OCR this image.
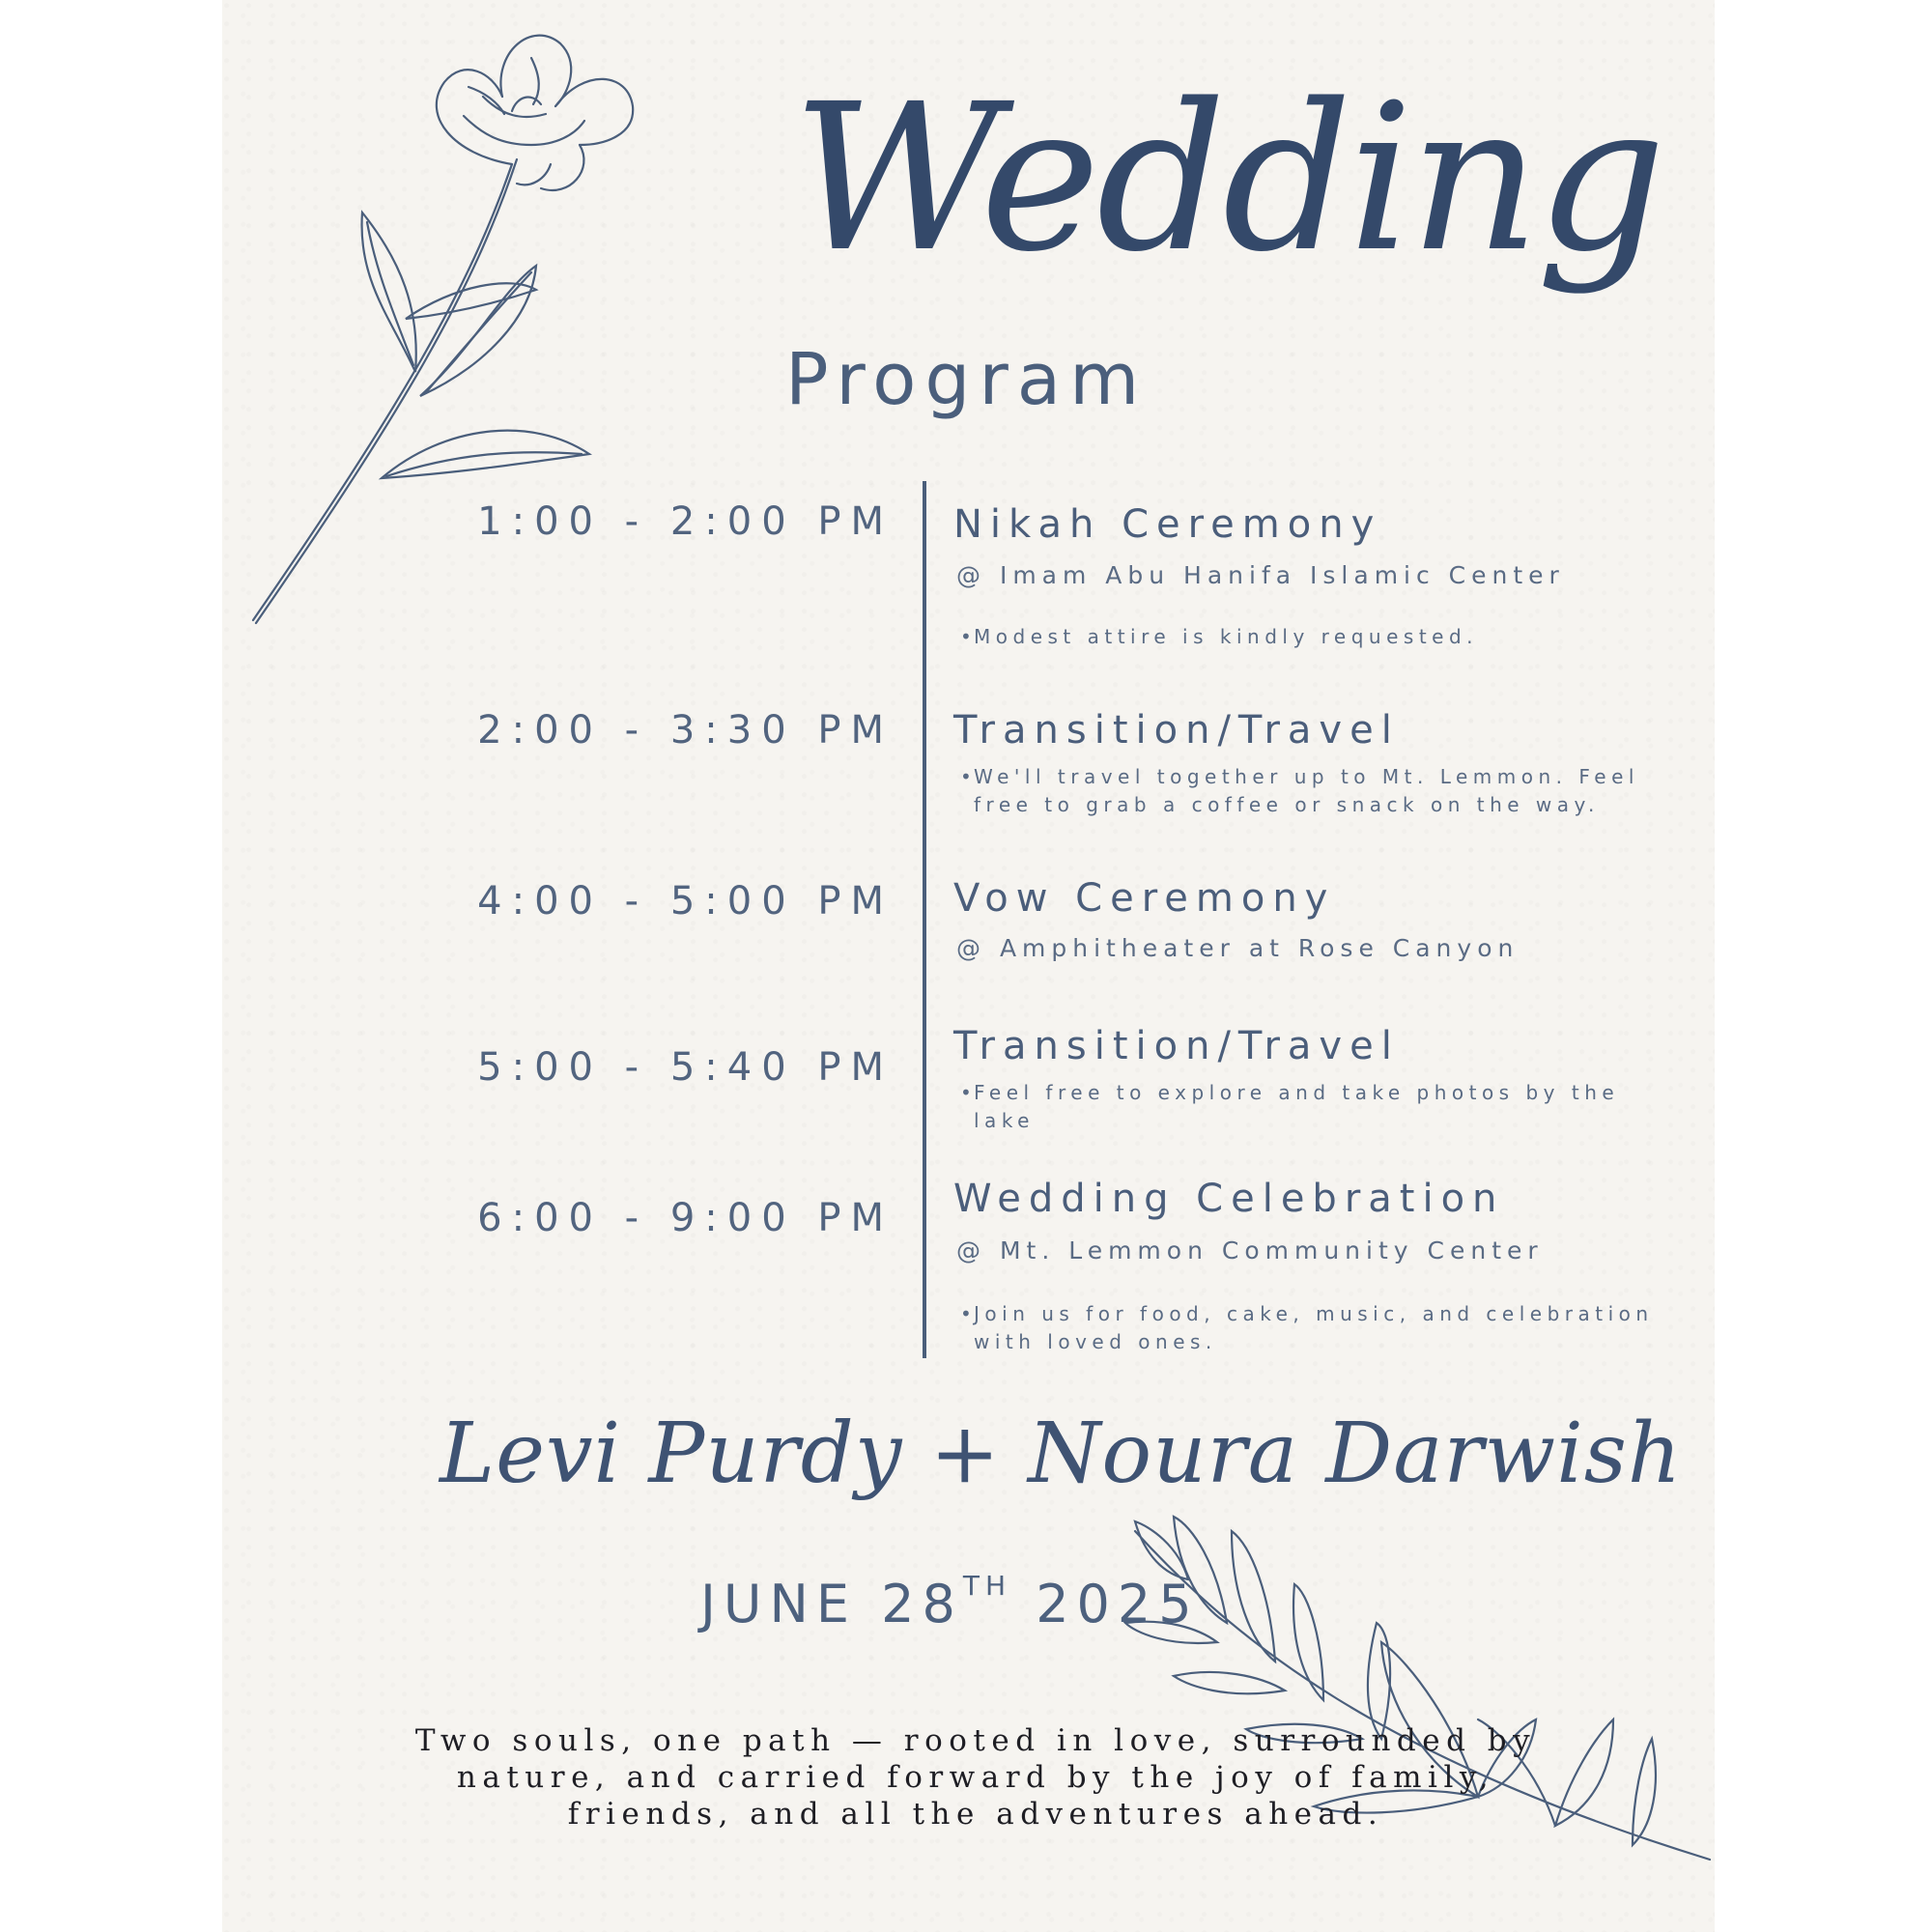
Wedding
Program
1:00 - 2:00 PM Nikah Ceremony
@ Imam Abu Hanifa Islamic Center
•
Modest attire is kindly requested.
2:00 - 3:30 PM Transition/Travel
•
We'll travel together up to Mt. Lemmon. Feel free to grab a coffee or snack on the way.
4:00 - 5:00 PM Vow Ceremony
@ Amphitheater at Rose Canyon
5:00 - 5:40 PM Transition/Travel
•
Feel free to explore and take photos by the lake
6:00 - 9:00 PM Wedding Celebration
@ Mt. Lemmon Community Center
•
Join us for food, cake, music, and celebration with loved ones.
Levi Purdy + Noura Darwish
JUNE 28TH 2025
Two souls, one path — rooted in love, surrounded by nature, and carried forward by the joy of family, friends, and all the adventures ahead.
